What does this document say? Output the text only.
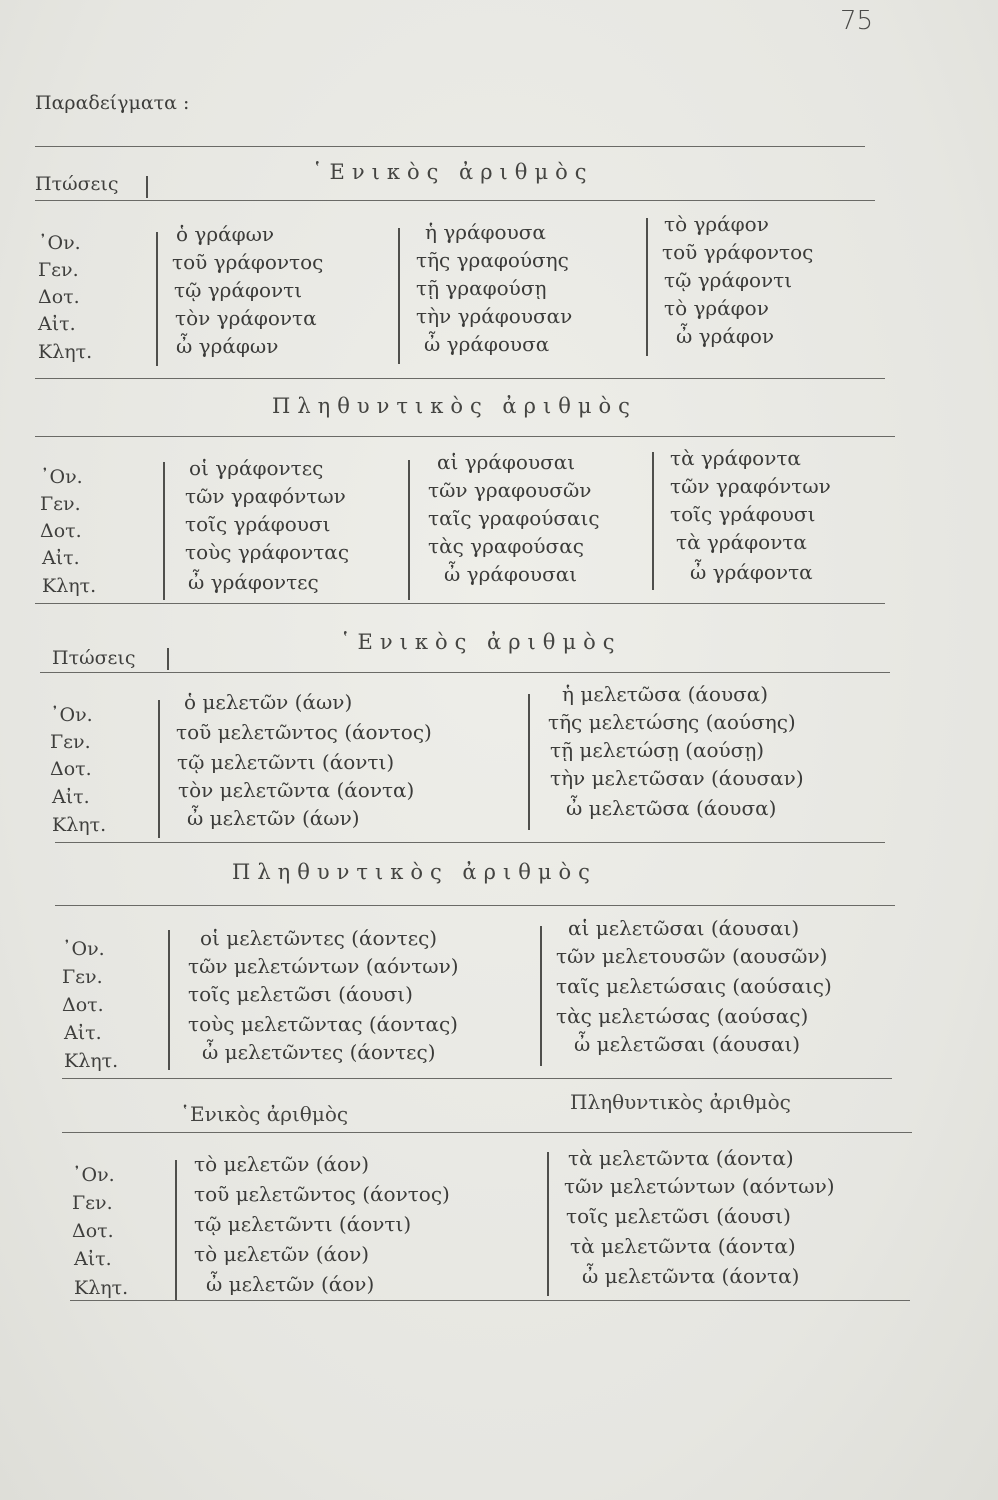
75
Παραδείγματα :
Πτώσεις	῾Ενικὸς ἀριθμὸς
᾿Ον.
Γεν.
Δοτ.
Αἰτ.
Κλητ.
ὁ γράφων
τοῦ γράφοντος
τῷ γράφοντι
τὸν γράφοντα
ὦ γράφων
ἡ γράφουσα
τῆς γραφούσης
τῇ γραφούσῃ
τὴν γράφουσαν
ὦ γράφουσα
τὸ γράφον
τοῦ γράφοντος
τῷ γράφοντι
τὸ γράφον
ὦ γράφον
Πληθυντικὸς ἀριθμὸς
᾿Ον.
Γεν.
Δοτ.
Αἰτ.
Κλητ.
οἱ γράφοντες
τῶν γραφόντων
τοῖς γράφουσι
τοὺς γράφοντας
ὦ γράφοντες
αἱ γράφουσαι
τῶν γραφουσῶν
ταῖς γραφούσαις
τὰς γραφούσας
ὦ γράφουσαι
τὰ γράφοντα
τῶν γραφόντων
τοῖς γράφουσι
τὰ γράφοντα
ὦ γράφοντα
Πτώσεις
῾Ενικὸς ἀριθμὸς
᾿Ον.
Γεν.
Δοτ.
Αἰτ.
Κλητ.
ὁ μελετῶν (άων)
τοῦ μελετῶντος (άοντος)
τῷ μελετῶντι (άοντι)
τὸν μελετῶντα (άοντα)
ὦ μελετῶν (άων)
ἡ μελετῶσα (άουσα)
τῆς μελετώσης (αούσης)
τῇ μελετώσῃ (αούσῃ)
τὴν μελετῶσαν (άουσαν)
ὦ μελετῶσα (άουσα)
Πληθυντικὸς ἀριθμὸς
᾿Ον.
Γεν.
Δοτ.
Αἰτ.
Κλητ.
οἱ μελετῶντες (άοντες)
τῶν μελετώντων (αόντων)
τοῖς μελετῶσι (άουσι)
τοὺς μελετῶντας (άοντας)
ὦ μελετῶντες (άοντες)
αἱ μελετῶσαι (άουσαι)
τῶν μελετουσῶν (αουσῶν)
ταῖς μελετώσαις (αούσαις)
τὰς μελετώσας (αούσας)
ὦ μελετῶσαι (άουσαι)
῾Ενικὸς ἀριθμὸς	Πληθυντικὸς ἀριθμὸς
᾿Ον.
Γεν.
Δοτ.
Αἰτ.
Κλητ.
τὸ μελετῶν (άον)
τοῦ μελετῶντος (άοντος)
τῷ μελετῶντι (άοντι)
τὸ μελετῶν (άον)
ὦ μελετῶν (άον)
τὰ μελετῶντα (άοντα)
τῶν μελετώντων (αόντων)
τοῖς μελετῶσι (άουσι)
τὰ μελετῶντα (άοντα)
ὦ μελετῶντα (άοντα)
